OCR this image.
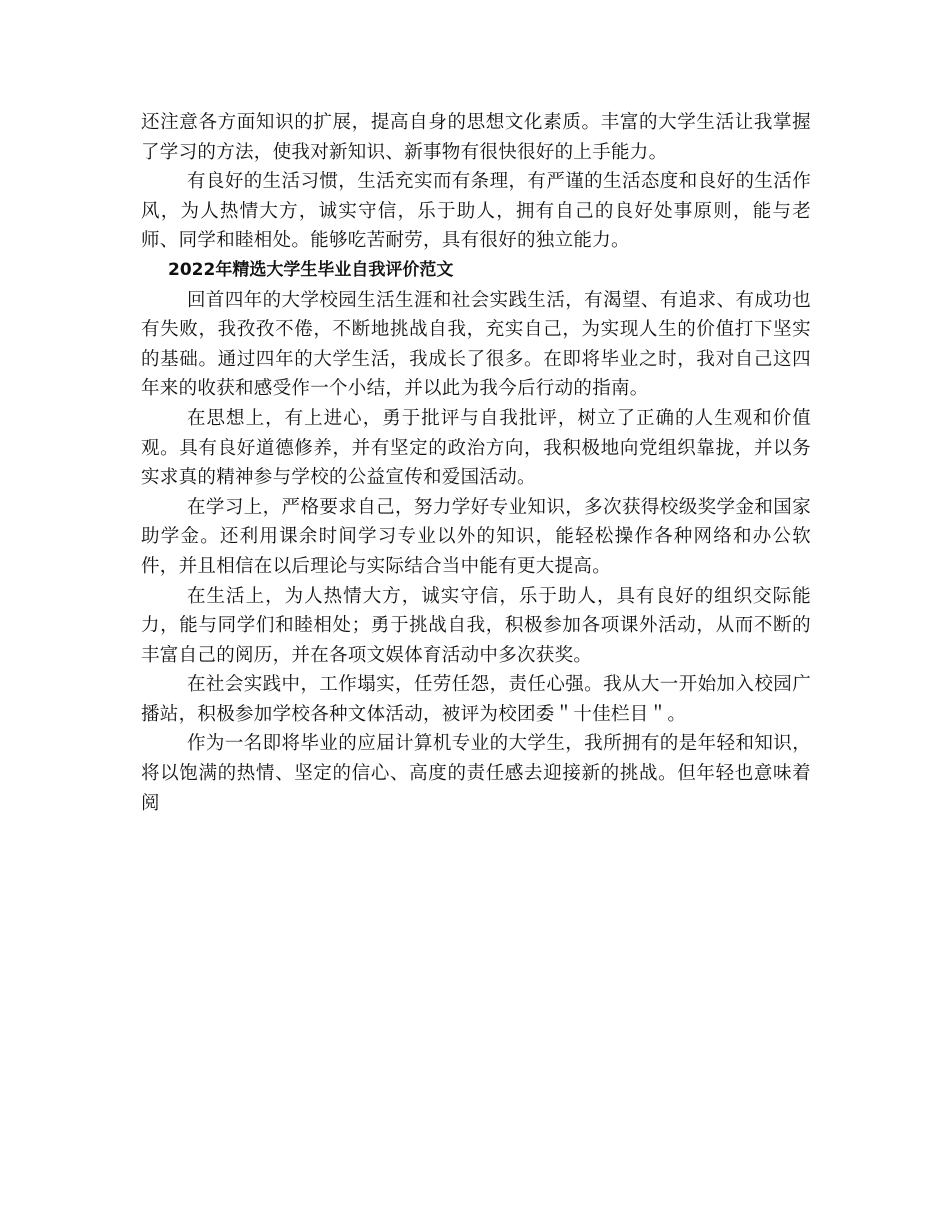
还注意各方面知识的扩展，提高自身的思想文化素质。丰富的大学生活让我掌握了学习的方法，使我对新知识、新事物有很快很好的上手能力。

有良好的生活习惯，生活充实而有条理，有严谨的生活态度和良好的生活作风，为人热情大方，诚实守信，乐于助人，拥有自己的良好处事原则，能与老师、同学和睦相处。能够吃苦耐劳，具有很好的独立能力。

2022年精选大学生毕业自我评价范文

回首四年的大学校园生活生涯和社会实践生活，有渴望、有追求、有成功也有失败，我孜孜不倦，不断地挑战自我，充实自己，为实现人生的价值打下坚实的基础。通过四年的大学生活，我成长了很多。在即将毕业之时，我对自己这四年来的收获和感受作一个小结，并以此为我今后行动的指南。

在思想上，有上进心，勇于批评与自我批评，树立了正确的人生观和价值观。具有良好道德修养，并有坚定的政治方向，我积极地向党组织靠拢，并以务实求真的精神参与学校的公益宣传和爱国活动。

在学习上，严格要求自己，努力学好专业知识，多次获得校级奖学金和国家助学金。还利用课余时间学习专业以外的知识，能轻松操作各种网络和办公软件，并且相信在以后理论与实际结合当中能有更大提高。

在生活上，为人热情大方，诚实守信，乐于助人，具有良好的组织交际能力，能与同学们和睦相处；勇于挑战自我，积极参加各项课外活动，从而不断的丰富自己的阅历，并在各项文娱体育活动中多次获奖。

在社会实践中，工作塌实，任劳任怨，责任心强。我从大一开始加入校园广播站，积极参加学校各种文体活动，被评为校团委＂十佳栏目＂。

作为一名即将毕业的应届计算机专业的大学生，我所拥有的是年轻和知识，将以饱满的热情、坚定的信心、高度的责任感去迎接新的挑战。但年轻也意味着阅
